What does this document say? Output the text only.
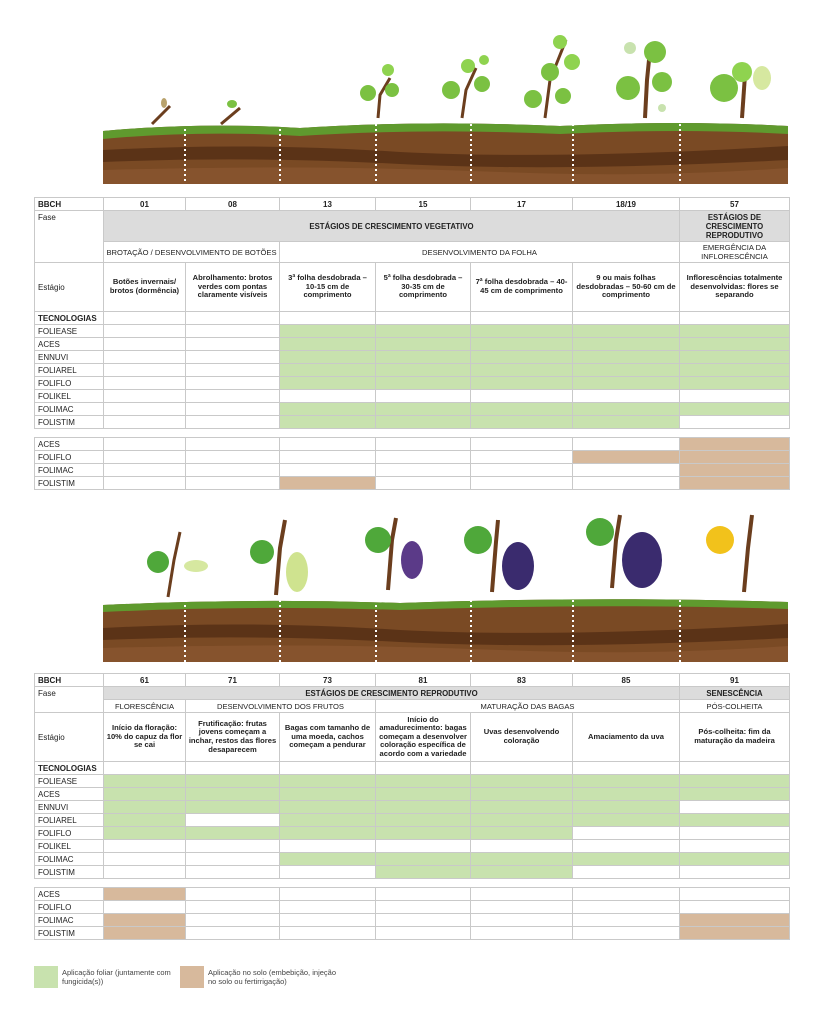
BBCH	01	08	13	15	17	18/19	57
Fase	ESTÁGIOS DE CRESCIMENTO VEGETATIVO						ESTÁGIOS DE CRESCIMENTO REPRODUTIVO
	BROTAÇÃO / DESENVOLVIMENTO DE BOTÕES		DESENVOLVIMENTO DA FOLHA				EMERGÊNCIA DA INFLORESCÊNCIA
Estágio	Botões invernais/ brotos (dormência)	Abrolhamento: brotos verdes com pontas claramente visíveis	3ª folha desdobrada – 10-15 cm de comprimento	5ª folha desdobrada – 30-35 cm de comprimento	7ª folha desdobrada – 40-45 cm de comprimento	9 ou mais folhas desdobradas – 50-60 cm de comprimento	Inflorescências totalmente desenvolvidas: flores se separando
TECNOLOGIAS							
FOLIEASE							
ACES							
ENNUVI							
FOLIAREL							
FOLIFLO							
FOLIKEL							
FOLIMAC							
FOLISTIM							

ACES							
FOLIFLO							
FOLIMAC							
FOLISTIM							
BBCH	61	71	73	81	83	85	91
Fase	ESTÁGIOS DE CRESCIMENTO REPRODUTIVO						SENESCÊNCIA
	FLORESCÊNCIA	DESENVOLVIMENTO DOS FRUTOS		MATURAÇÃO DAS BAGAS			PÓS-COLHEITA
Estágio	Início da floração: 10% do capuz da flor se cai	Frutificação: frutas jovens começam a inchar, restos das flores desaparecem	Bagas com tamanho de uma moeda, cachos começam a pendurar	Início do amadurecimento: bagas começam a desenvolver coloração específica de acordo com a variedade	Uvas desenvolvendo coloração	Amaciamento da uva	Pós-colheita: fim da maturação da madeira
TECNOLOGIAS							
FOLIEASE							
ACES							
ENNUVI							
FOLIAREL							
FOLIFLO							
FOLIKEL							
FOLIMAC							
FOLISTIM							

ACES							
FOLIFLO							
FOLIMAC							
FOLISTIM							
Aplicação foliar (juntamente com fungicida(s))
Aplicação no solo (embebição, injeção no solo ou fertirrigação)
